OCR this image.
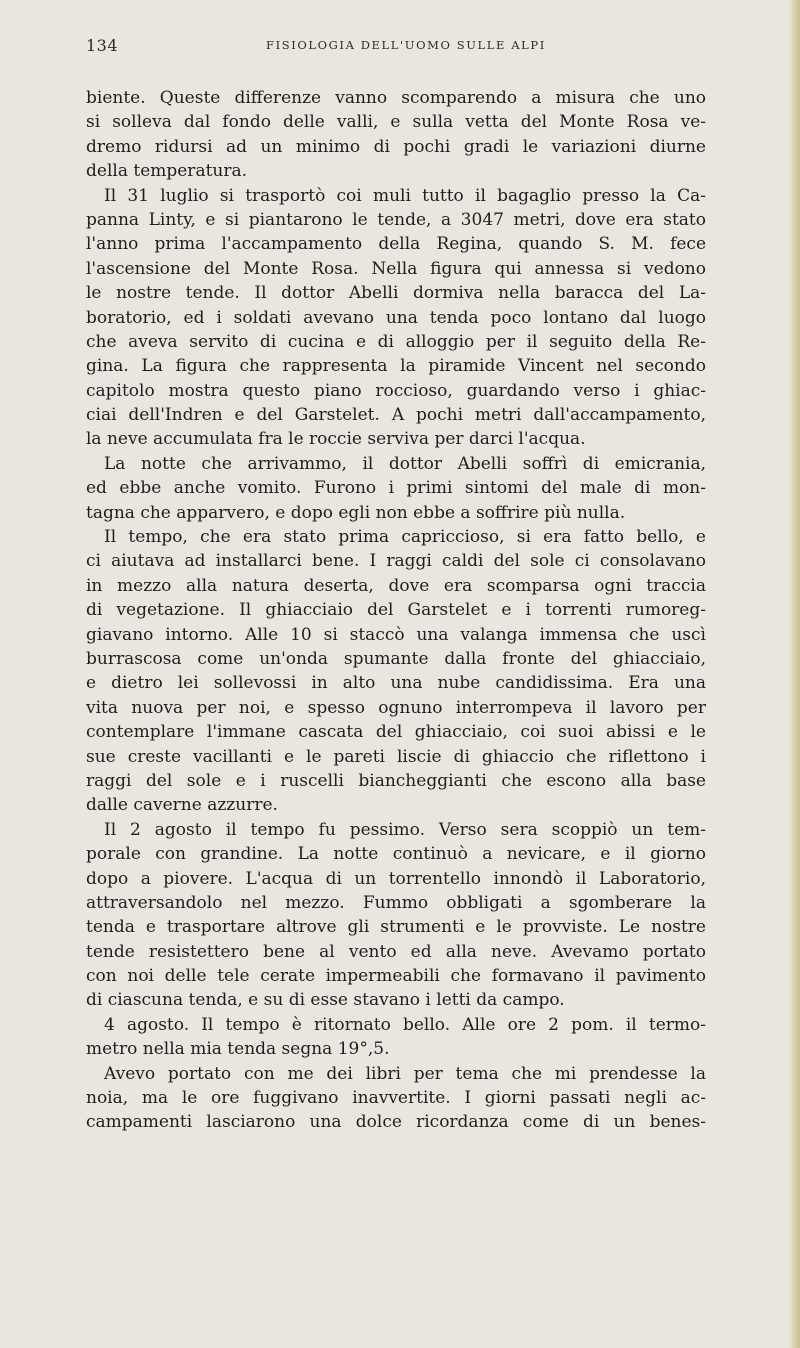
134	FISIOLOGIA DELL'UOMO SULLE ALPI
biente. Queste differenze vanno scomparendo a misura che uno
si solleva dal fondo delle valli, e sulla vetta del Monte Rosa ve-
dremo ridursi ad un minimo di pochi gradi le variazioni diurne
della temperatura.
Il 31 luglio si trasportò coi muli tutto il bagaglio presso la Ca-
panna Linty, e si piantarono le tende, a 3047 metri, dove era stato
l'anno prima l'accampamento della Regina, quando S. M. fece
l'ascensione del Monte Rosa. Nella figura qui annessa si vedono
le nostre tende. Il dottor Abelli dormiva nella baracca del La-
boratorio, ed i soldati avevano una tenda poco lontano dal luogo
che aveva servito di cucina e di alloggio per il seguito della Re-
gina. La figura che rappresenta la piramide Vincent nel secondo
capitolo mostra questo piano roccioso, guardando verso i ghiac-
ciai dell'Indren e del Garstelet. A pochi metri dall'accampamento,
la neve accumulata fra le roccie serviva per darci l'acqua.
La notte che arrivammo, il dottor Abelli soffrì di emicrania,
ed ebbe anche vomito. Furono i primi sintomi del male di mon-
tagna che apparvero, e dopo egli non ebbe a soffrire più nulla.
Il tempo, che era stato prima capriccioso, si era fatto bello, e
ci aiutava ad installarci bene. I raggi caldi del sole ci consolavano
in mezzo alla natura deserta, dove era scomparsa ogni traccia
di vegetazione. Il ghiacciaio del Garstelet e i torrenti rumoreg-
giavano intorno. Alle 10 si staccò una valanga immensa che uscì
burrascosa come un'onda spumante dalla fronte del ghiacciaio,
e dietro lei sollevossi in alto una nube candidissima. Era una
vita nuova per noi, e spesso ognuno interrompeva il lavoro per
contemplare l'immane cascata del ghiacciaio, coi suoi abissi e le
sue creste vacillanti e le pareti liscie di ghiaccio che riflettono i
raggi del sole e i ruscelli biancheggianti che escono alla base
dalle caverne azzurre.
Il 2 agosto il tempo fu pessimo. Verso sera scoppiò un tem-
porale con grandine. La notte continuò a nevicare, e il giorno
dopo a piovere. L'acqua di un torrentello innondò il Laboratorio,
attraversandolo nel mezzo. Fummo obbligati a sgomberare la
tenda e trasportare altrove gli strumenti e le provviste. Le nostre
tende resistettero bene al vento ed alla neve. Avevamo portato
con noi delle tele cerate impermeabili che formavano il pavimento
di ciascuna tenda, e su di esse stavano i letti da campo.
4 agosto. Il tempo è ritornato bello. Alle ore 2 pom. il termo-
metro nella mia tenda segna 19°,5.
Avevo portato con me dei libri per tema che mi prendesse la
noia, ma le ore fuggivano inavvertite. I giorni passati negli ac-
campamenti lasciarono una dolce ricordanza come di un benes-
